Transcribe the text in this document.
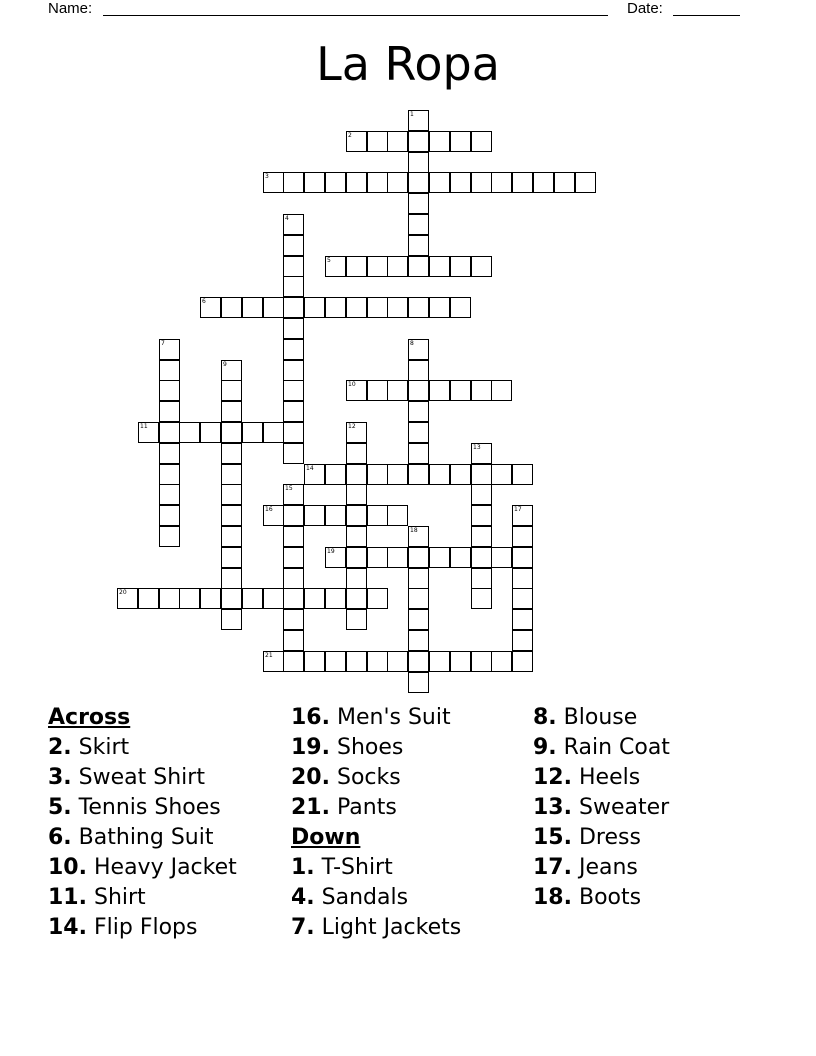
Name:	Date:
La Ropa
1
2
3
4
5
6
7	8
9
10
11	12
13
14
15
16	17
18
19
20
21
Across
2. Skirt
3. Sweat Shirt
5. Tennis Shoes
6. Bathing Suit
10. Heavy Jacket
11. Shirt
14. Flip Flops
16. Men's Suit
19. Shoes
20. Socks
21. Pants
Down
1. T-Shirt
4. Sandals
7. Light Jackets
8. Blouse
9. Rain Coat
12. Heels
13. Sweater
15. Dress
17. Jeans
18. Boots
